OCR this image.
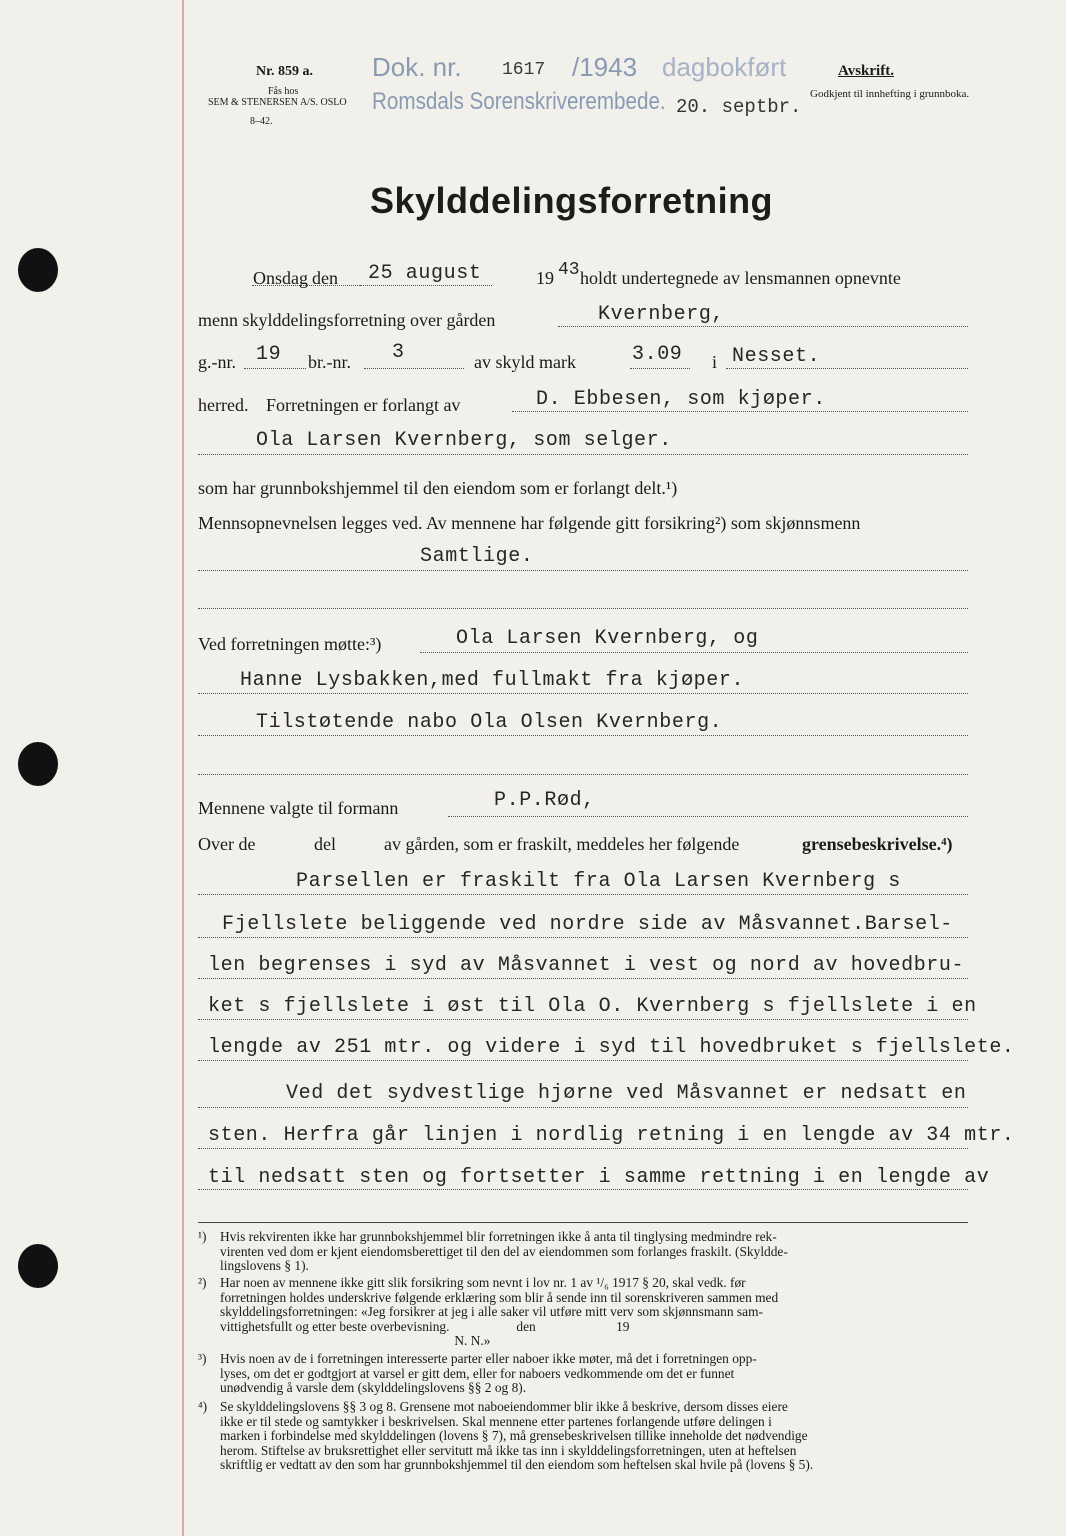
Nr. 859 a.
Fås hos
SEM & STENERSEN A/S. OSLO
8–42.
Dok. nr. 1617 /1943 dagbokført
Romsdals Sorenskriverembede. 20. septbr.
Avskrift.
Godkjent til innhefting i grunnboka.
Skylddelingsforretning
Onsdag den 25 august	19 43 holdt undertegnede av lensmannen opnevnte
menn skylddelingsforretning over gården	Kvernberg,
g.-nr. 19 br.-nr. 3	av skyld mark	3.09 i Nesset.
herred. Forretningen er forlangt av	D. Ebbesen, som kjøper.
Ola Larsen Kvernberg, som selger.
som har grunnbokshjemmel til den eiendom som er forlangt delt.¹)
Mennsopnevnelsen legges ved. Av mennene har følgende gitt forsikring²) som skjønnsmenn
Samtlige.
Ved forretningen møtte:³)	Ola Larsen Kvernberg, og
Hanne Lysbakken,med fullmakt fra kjøper.
Tilstøtende nabo Ola Olsen Kvernberg.
Mennene valgte til formann	P.P.Rød,
Over de	del	av gården, som er fraskilt, meddeles her følgende	grensebeskrivelse.⁴)
Parsellen er fraskilt fra Ola Larsen Kvernberg s
Fjellslete beliggende ved nordre side av Måsvannet.Barsel-
len begrenses i syd av Måsvannet i vest og nord av hovedbru-
ket s fjellslete i øst til Ola O. Kvernberg s fjellslete i en
lengde av 251 mtr. og videre i syd til hovedbruket s fjellslete.
Ved det sydvestlige hjørne ved Måsvannet er nedsatt en
sten. Herfra går linjen i nordlig retning i en lengde av 34 mtr.
til nedsatt sten og fortsetter i samme rettning i en lengde av
¹) Hvis rekvirenten ikke har grunnbokshjemmel blir forretningen ikke å anta til tinglysing medmindre rek-
virenten ved dom er kjent eiendomsberettiget til den del av eiendommen som forlanges fraskilt. (Skyldde-
lingslovens § 1).
²) Har noen av mennene ikke gitt slik forsikring som nevnt i lov nr. 1 av ¹/₆ 1917 § 20, skal vedk. før
forretningen holdes underskrive følgende erklæring som blir å sende inn til sorenskriveren sammen med
skylddelingsforretningen: «Jeg forsikrer at jeg i alle saker vil utføre mitt verv som skjønnsmann sam-
vittighetsfullt og etter beste overbevisning.                    den                        19
N. N.»
³) Hvis noen av de i forretningen interesserte parter eller naboer ikke møter, må det i forretningen opp-
lyses, om det er godtgjort at varsel er gitt dem, eller for naboers vedkommende om det er funnet
unødvendig å varsle dem (skylddelingslovens §§ 2 og 8).
⁴) Se skylddelingslovens §§ 3 og 8. Grensene mot naboeiendommer blir ikke å beskrive, dersom disses eiere
ikke er til stede og samtykker i beskrivelsen. Skal mennene etter partenes forlangende utføre delingen i
marken i forbindelse med skylddelingen (lovens § 7), må grensebeskrivelsen tillike inneholde det nødvendige
herom. Stiftelse av bruksrettighet eller servitutt må ikke tas inn i skylddelingsforretningen, uten at heftelsen
skriftlig er vedtatt av den som har grunnbokshjemmel til den eiendom som heftelsen skal hvile på (lovens § 5).
